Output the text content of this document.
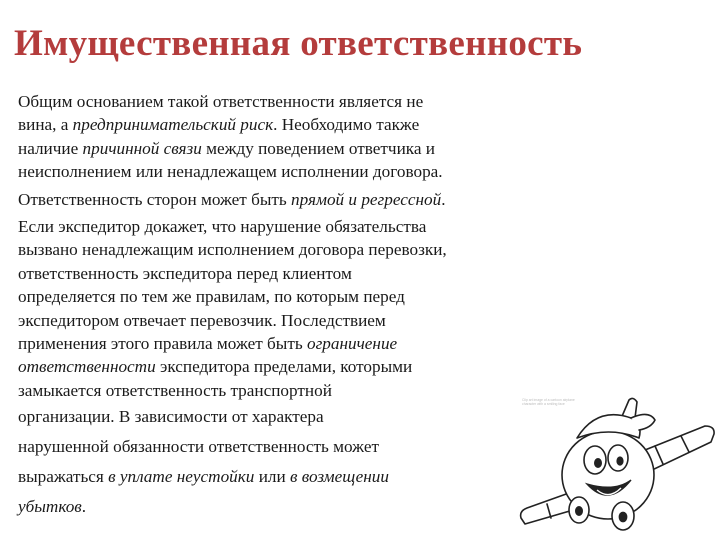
Имущественная ответственность
Общим основанием такой ответственности является не
вина, а предпринимательский риск. Необходимо также
наличие причинной связи между поведением ответчика и
неисполнением или ненадлежащем исполнении договора.
Ответственность сторон может быть прямой и регрессной.
Если экспедитор докажет, что нарушение обязательства
вызвано ненадлежащим исполнением договора перевозки,
ответственность экспедитора перед клиентом
определяется по тем же правилам, по которым перед
экспедитором отвечает перевозчик. Последствием
применения этого правила может быть ограничение
ответственности экспедитора пределами, которыми
замыкается ответственность транспортной
организации. В зависимости от характера
нарушенной обязанности ответственность может
выражаться в уплате неустойки или в возмещении
убытков.
Clip art image of a cartoon airplane character with a smiling face
